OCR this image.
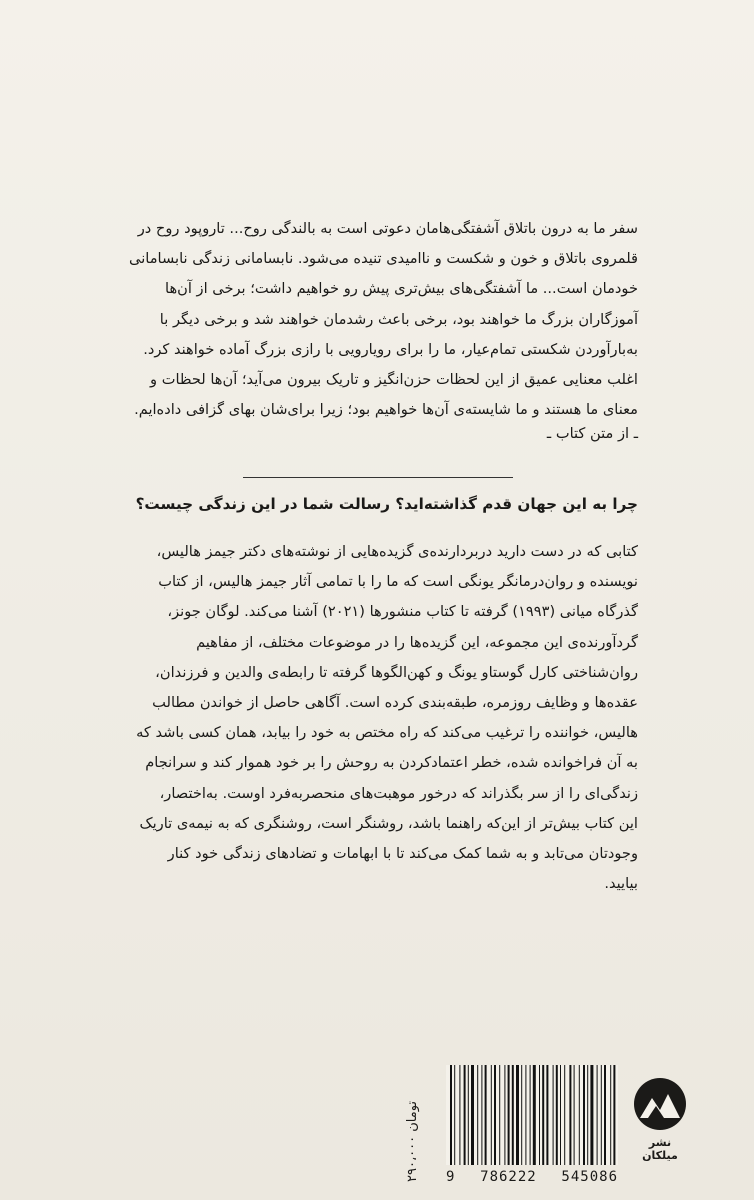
سفر ما به درون باتلاق آشفتگی‌هامان دعوتی است به بالندگی روح... تاروپود روح در

قلمروی باتلاق و خون و شکست و ناامیدی تنیده می‌شود. نابسامانی زندگی نابسامانی

خودمان است... ما آشفتگی‌های بیش‌تری پیش رو خواهیم داشت؛ برخی از آن‌ها

آموزگاران بزرگ ما خواهند بود، برخی باعث رشدمان خواهند شد و برخی دیگر با

به‌بارآوردن شکستی تمام‌عیار، ما را برای رویارویی با رازی بزرگ آماده خواهند کرد.

اغلب معنایی عمیق از این لحظات حزن‌انگیز و تاریک بیرون می‌آید؛ آن‌ها لحظات و

معنای ما هستند و ما شایسته‌ی آن‌ها خواهیم بود؛ زیرا برای‌شان بهای گزافی داده‌ایم.

ـ از متن کتاب ـ
چرا به این جهان قدم گذاشته‌اید؟ رسالت شما در این زندگی چیست؟

کتابی که در دست دارید دربردارنده‌ی گزیده‌هایی از نوشته‌های دکتر جیمز هالیس،

نویسنده و روان‌درمانگر یونگی است که ما را با تمامی آثار جیمز هالیس، از کتاب

گذرگاه میانی (۱۹۹۳) گرفته تا کتاب منشورها (۲۰۲۱) آشنا می‌کند. لوگان جونز،

گردآورنده‌ی این مجموعه، این گزیده‌ها را در موضوعات مختلف، از مفاهیم

روان‌شناختی کارل گوستاو یونگ و کهن‌الگوها گرفته تا رابطه‌ی والدین و فرزندان،

عقده‌ها و وظایف روزمره، طبقه‌بندی کرده است. آگاهی حاصل از خواندن مطالب

هالیس، خواننده را ترغیب می‌کند که راه مختص به خود را بیابد، همان کسی باشد که

به آن فراخوانده شده، خطر اعتمادکردن به روحش را بر خود هموار کند و سرانجام

زندگی‌ای را از سر بگذراند که درخور موهبت‌های منحصربه‌فرد اوست. به‌اختصار،

این کتاب بیش‌تر از این‌که راهنما باشد، روشنگر است، روشنگری که به نیمه‌ی تاریک

وجودتان می‌تابد و به شما کمک می‌کند تا با ابهامات و تضادهای زندگی خود کنار

بیایید.

۲۹۰،۰۰۰ تومان
9 786222 545086
نشر میلکان
